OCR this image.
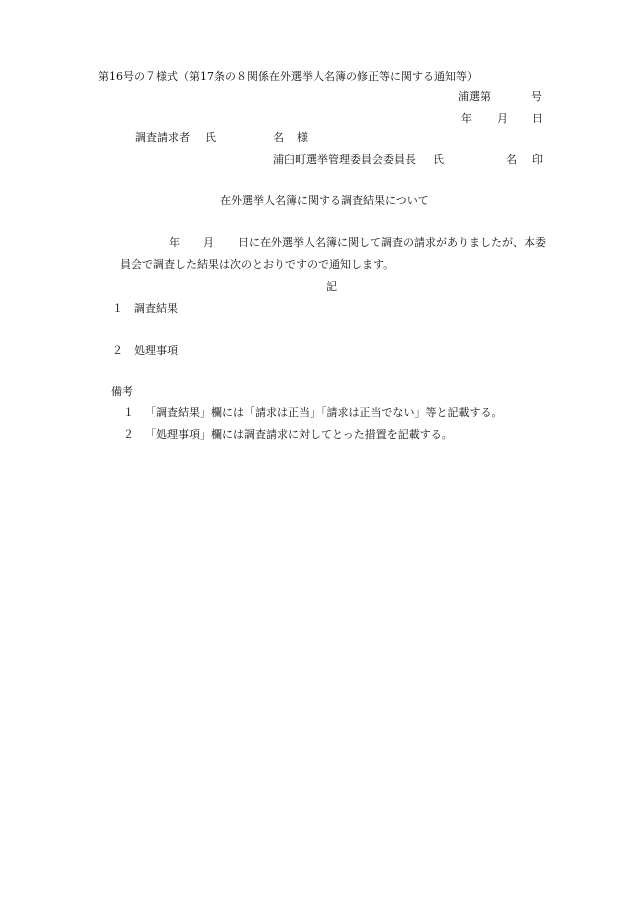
第16号の７様式（第17条の８関係在外選挙人名簿の修正等に関する通知等）
浦選第	号
年 月 日
調査請求者 氏	名 様
浦臼町選挙管理委員会委員長 氏	名 印
在外選挙人名簿に関する調査結果について
年 月 日に在外選挙人名簿に関して調査の請求がありましたが、本委
員会で調査した結果は次のとおりですので通知します。
記
１ 調査結果
２ 処理事項
備考
１ 「調査結果」欄には「請求は正当」「請求は正当でない」等と記載する。
２ 「処理事項」欄には調査請求に対してとった措置を記載する。
